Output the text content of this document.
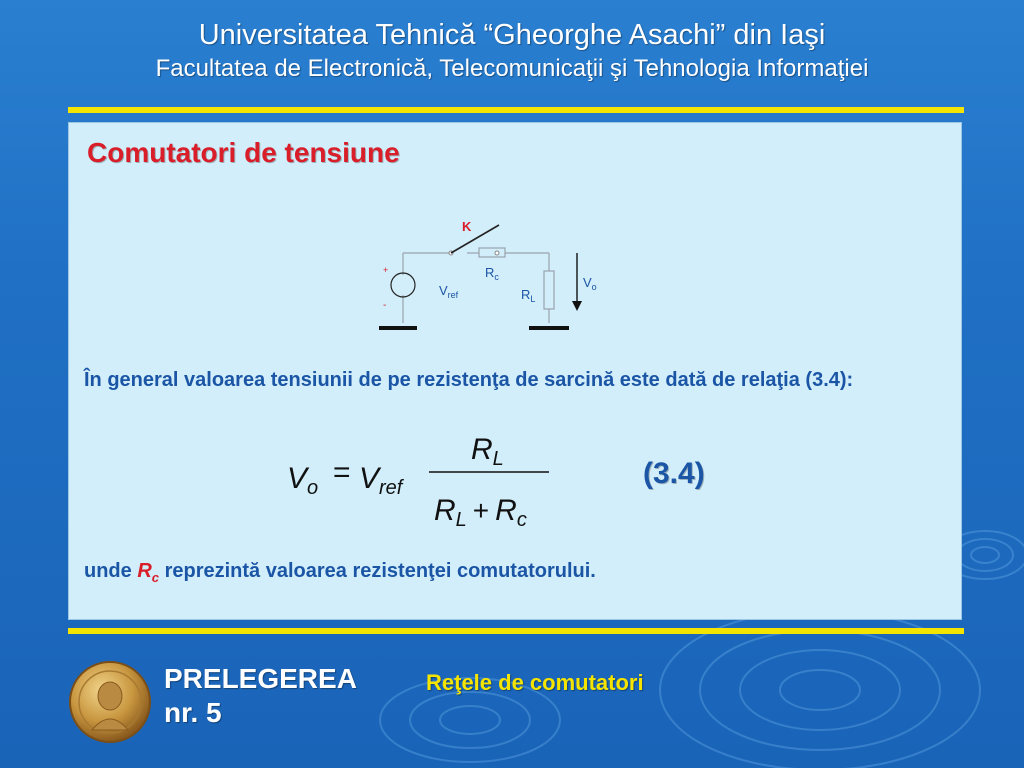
Universitatea Tehnică “Gheorghe Asachi” din Iaşi
Facultatea de Electronică, Telecomunicaţii şi Tehnologia Informaţiei
Comutatori de tensiune
K
+
-
$R_c$
$R_L$
$V_{ref}$
$V_o$
În general valoarea tensiunii de pe rezistenţa de sarcină este dată de relaţia (3.4):
$V_o = V_{ref}$
$R_L$
$R_L + R_c$
(3.4)
unde $R_c$ reprezintă valoarea rezistenţei comutatorului.
PRELEGEREA
nr. 5
Reţele de comutatori
